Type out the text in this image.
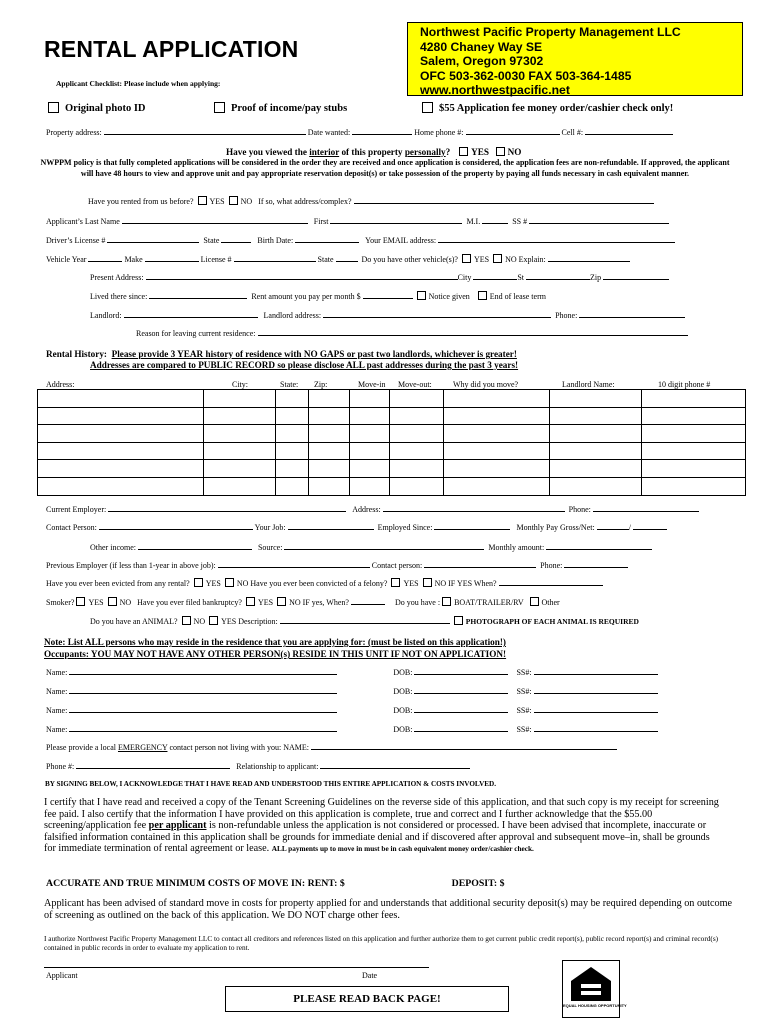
RENTAL APPLICATION
Applicant Checklist: Please include when applying:
Northwest Pacific Property Management LLC
4280 Chaney Way SE
Salem, Oregon 97302
OFC 503-362-0030 FAX 503-364-1485
www.northwestpacific.net
Original photo ID	Proof of income/pay stubs	$55 Application fee money order/cashier check only!
Property address:	Date wanted:	Home phone #:	Cell #:
Have you viewed the interior of this property personally? YES NO
NWPPM policy is that fully completed applications will be considered in the order they are received and once application is considered, the application fees are non-refundable. If approved, the applicant will have 48 hours to view and approve unit and pay appropriate reservation deposit(s) or take possession of the property by paying all funds necessary in cash equivalent manner.
Have you rented from us before? YES NO If so, what address/complex?
Applicant’s Last Name	First	M.I.	SS #
Driver’s License #	State	Birth Date:	Your EMAIL address:
Vehicle Year	Make	License #	State	Do you have other vehicle(s)? YES NO Explain:
Present Address:	City	St	Zip
Lived there since:	Rent amount you pay per month $	Notice given	End of lease term
Landlord:	Landlord address:	Phone:
Reason for leaving current residence:
Rental History: Please provide 3 YEAR history of residence with NO GAPS or past two landlords, whichever is greater!
Addresses are compared to PUBLIC RECORD so please disclose ALL past addresses during the past 3 years!
Address:	City:	State: Zip:	Move-in Move-out:	Why did you move?	Landlord Name:	10 digit phone #

Current Employer:	Address:	Phone:
Contact Person:	Your Job:	Employed Since:	Monthly Pay Gross/Net:	/
Other income:	Source:	Monthly amount:
Previous Employer (if less than 1-year in above job):	Contact person:	Phone:
Have you ever been evicted from any rental? YES NO Have you ever been convicted of a felony? YES NO IF YES When?
Smoker? YES NO Have you ever filed bankruptcy? YES NO IF yes, When?	Do you have : BOAT/TRAILER/RV Other
Do you have an ANIMAL? NO YES Description:	PHOTOGRAPH OF EACH ANIMAL IS REQUIRED
Note: List ALL persons who may reside in the residence that you are applying for: (must be listed on this application!)
Occupants: YOU MAY NOT HAVE ANY OTHER PERSON(s) RESIDE IN THIS UNIT IF NOT ON APPLICATION!
Name:	DOB:	SS#:
Name:	DOB:	SS#:
Name:	DOB:	SS#:
Name:	DOB:	SS#:
Please provide a local EMERGENCY contact person not living with you: NAME:
Phone #:	Relationship to applicant:
BY SIGNING BELOW, I ACKNOWLEDGE THAT I HAVE READ AND UNDERSTOOD THIS ENTIRE APPLICATION & COSTS INVOLVED.
I certify that I have read and received a copy of the Tenant Screening Guidelines on the reverse side of this application, and that such copy is my receipt for screening fee paid. I also certify that the information I have provided on this application is complete, true and correct and I further acknowledge that the $55.00 screening/application fee per applicant is non-refundable unless the application is not considered or processed. I have been advised that incomplete, inaccurate or falsified information contained in this application shall be grounds for immediate denial and if discovered after approval and subsequent move–in, shall be grounds for immediate termination of rental agreement or lease. ALL payments up to move in must be in cash equivalent money order/cashier check.
ACCURATE AND TRUE MINIMUM COSTS OF MOVE IN: RENT: $	DEPOSIT: $
Applicant has been advised of standard move in costs for property applied for and understands that additional security deposit(s) may be required depending on outcome of screening as outlined on the back of this application. We DO NOT charge other fees.
I authorize Northwest Pacific Property Management LLC to contact all creditors and references listed on this application and further authorize them to get current public credit report(s), public record report(s) and criminal record(s) contained in public records in order to evaluate my application to rent.
Applicant	Date
PLEASE READ BACK PAGE!
EQUAL HOUSING OPPORTUNITY
